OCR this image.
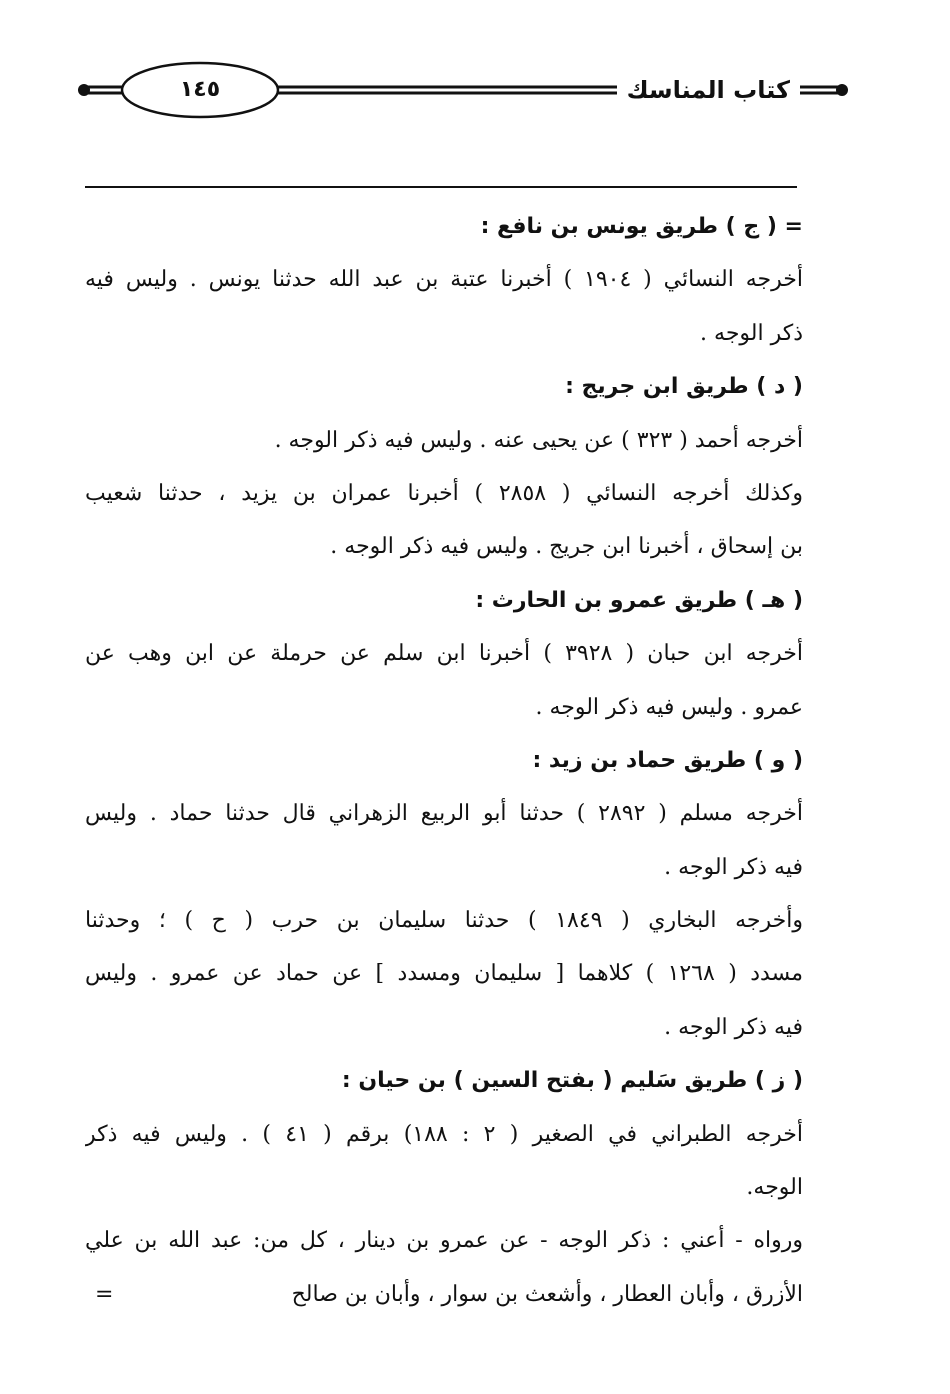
١٤٥	كتاب المناسك
= ( ج ) طريق يونس بن نافع :
أخرجه النسائي ( ١٩٠٤ ) أخبرنا عتبة بن عبد الله حدثنا يونس . وليس فيه
ذكر الوجه .
( د ) طريق ابن جريج :
أخرجه أحمد ( ٣٢٣ ) عن يحيى عنه . وليس فيه ذكر الوجه .
وكذلك أخرجه النسائي ( ٢٨٥٨ ) أخبرنا عمران بن يزيد ، حدثنا شعيب
بن إسحاق ، أخبرنا ابن جريج . وليس فيه ذكر الوجه .
( هـ ) طريق عمرو بن الحارث :
أخرجه ابن حبان ( ٣٩٢٨ ) أخبرنا ابن سلم عن حرملة عن ابن وهب عن
عمرو . وليس فيه ذكر الوجه .
( و ) طريق حماد بن زيد :
أخرجه مسلم ( ٢٨٩٢ ) حدثنا أبو الربيع الزهراني قال حدثنا حماد . وليس
فيه ذكر الوجه .
وأخرجه البخاري ( ١٨٤٩ ) حدثنا سليمان بن حرب ( ح ) ؛ وحدثنا
مسدد ( ١٢٦٨ ) كلاهما [ سليمان ومسدد ] عن حماد عن عمرو . وليس
فيه ذكر الوجه .
( ز ) طريق سَليم ( بفتح السين ) بن حيان :
أخرجه الطبراني في الصغير ( ٢ : ١٨٨) برقم ( ٤١ ) . وليس فيه ذكر
الوجه.
ورواه - أعني : ذكر الوجه - عن عمرو بن دينار ، كل من: عبد الله بن علي
الأزرق ، وأبان العطار ، وأشعث بن سوار ، وأبان بن صالح
=
